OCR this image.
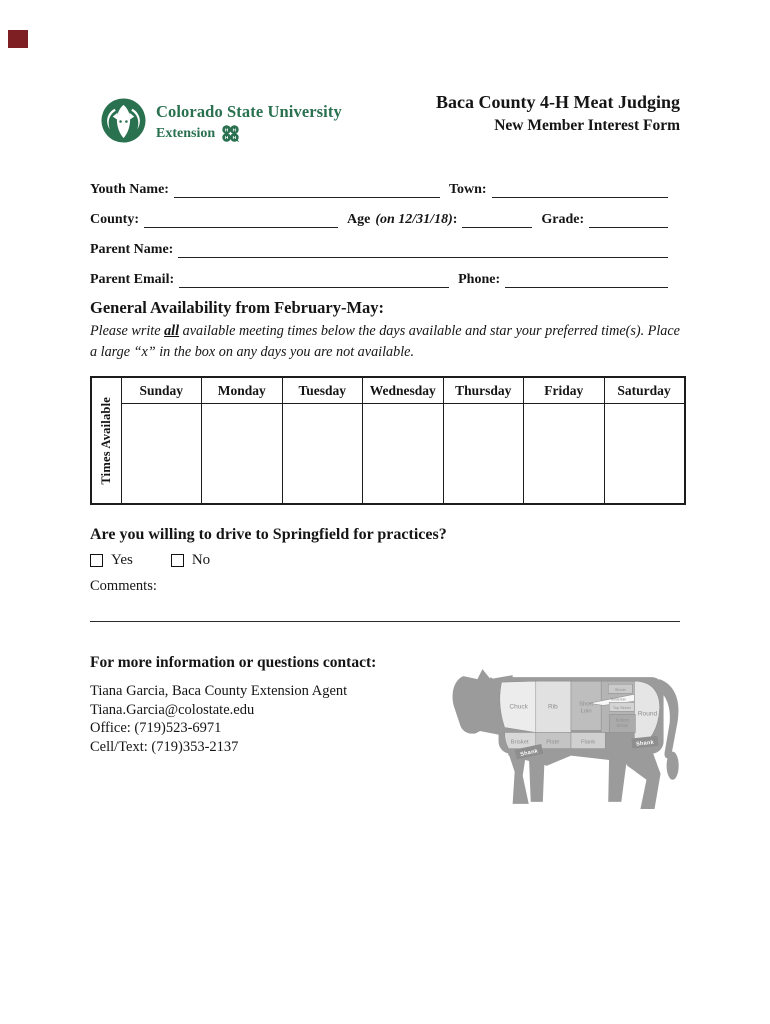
Colorado State University
Extension H H
H H
Baca County 4-H Meat Judging
New Member Interest Form
Youth Name:	Town:
County:	Age (on 12/31/18) :	Grade:
Parent Name:
Parent Email:	Phone:
General Availability from February-May:

Please write all available meeting times below the days available and star your preferred time(s). Place a large “x” in the box on any days you are not available.

Times Available	Sunday	Monday	Tuesday	Wednesday	Thursday	Friday	Saturday

Are you willing to drive to Springfield for practices?
Yes	No
Comments:
For more information or questions contact:
Tiana Garcia, Baca County Extension Agent
Tiana.Garcia@colostate.edu
Office: (719)523-6971
Cell/Text: (719)353-2137
Chuck	Rib	Short
Loin	Round
Brisket	Plate	Flank
Sirloin
Tenderloin
Top Sirloin
Bottom
Sirloin
Shank
Shank
